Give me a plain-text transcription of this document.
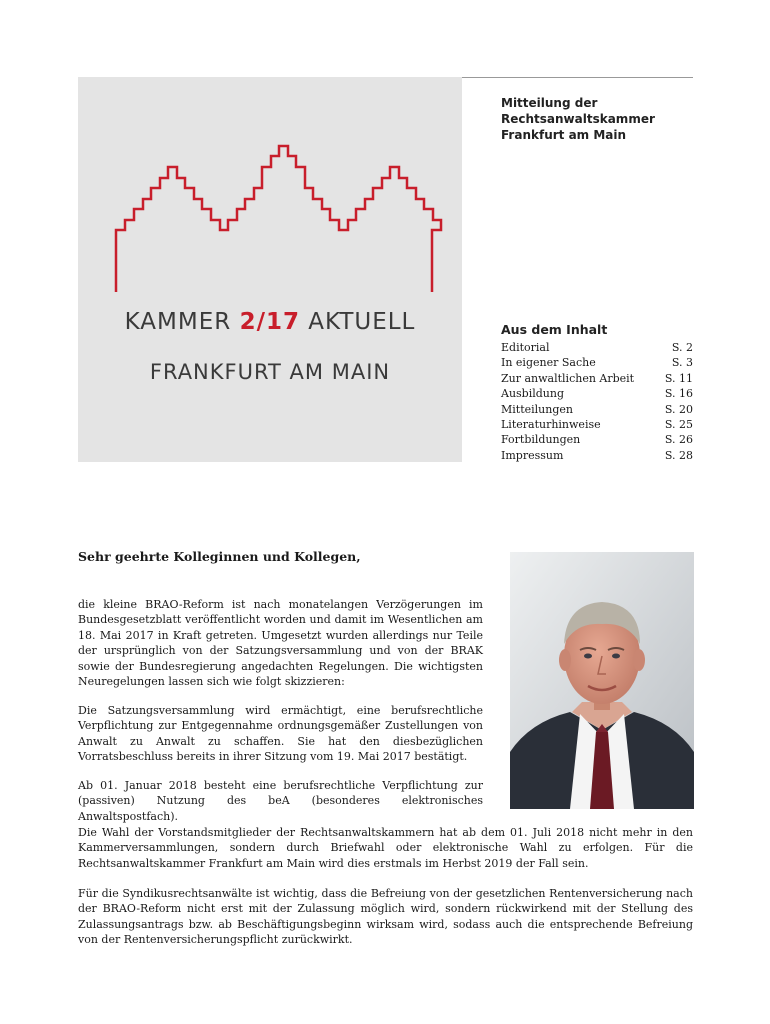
KAMMER 2/17 AKTUELL
FRANKFURT AM MAIN
Mitteilung der
Rechtsanwaltskammer
Frankfurt am Main
Aus dem Inhalt
Editorial	S. 2
In eigener Sache	S. 3
Zur anwaltlichen Arbeit	S. 11
Ausbildung	S. 16
Mitteilungen	S. 20
Literaturhinweise	S. 25
Fortbildungen	S. 26
Impressum	S. 28
Sehr geehrte Kolleginnen und Kollegen,

die kleine BRAO-Reform ist nach monatelangen Verzögerungen im Bundesgesetzblatt veröffentlicht worden und damit im Wesentlichen am 18. Mai 2017 in Kraft getreten. Umgesetzt wurden allerdings nur Teile der ursprünglich von der Satzungsversammlung und von der BRAK sowie der Bundesregierung angedachten Regelungen. Die wichtigsten Neuregelungen lassen sich wie folgt skizzieren:

Die Satzungsversammlung wird ermächtigt, eine berufsrechtliche Verpflichtung zur Entgegennahme ordnungsgemäßer Zustellungen von Anwalt zu Anwalt zu schaffen. Sie hat den diesbezüglichen Vorratsbeschluss bereits in ihrer Sitzung vom 19. Mai 2017 bestätigt.

Ab 01. Januar 2018 besteht eine berufsrechtliche Verpflichtung zur (passiven) Nutzung des beA (besonderes elektronisches Anwaltspostfach).

Die Wahl der Vorstandsmitglieder der Rechtsanwaltskammern hat ab dem 01. Juli 2018 nicht mehr in den Kammerversammlungen, sondern durch Briefwahl oder elektronische Wahl zu erfolgen. Für die Rechtsanwaltskammer Frankfurt am Main wird dies erstmals im Herbst 2019 der Fall sein.

Für die Syndikusrechtsanwälte ist wichtig, dass die Befreiung von der gesetzlichen Rentenversicherung nach der BRAO-Reform nicht erst mit der Zulassung möglich wird, sondern rückwirkend mit der Stellung des Zulassungsantrags bzw. ab Beschäftigungsbeginn wirksam wird, sodass auch die entsprechende Befreiung von der Rentenversicherungspflicht zurückwirkt.
